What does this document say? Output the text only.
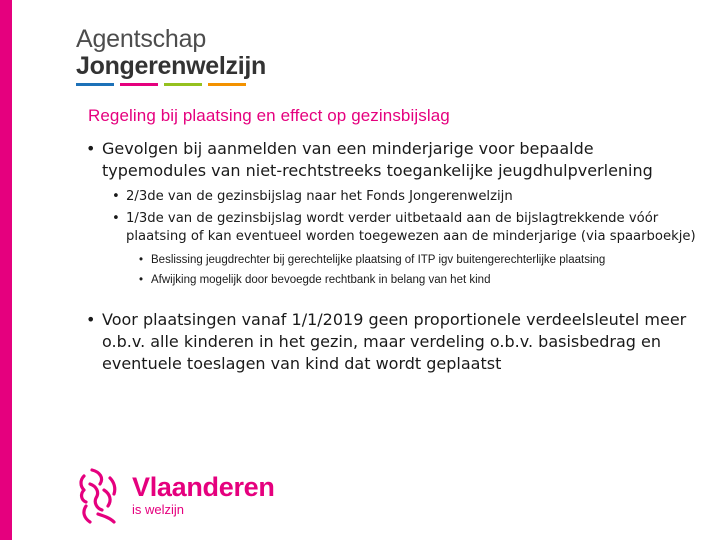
Agentschap
Jongerenwelzijn
Regeling bij plaatsing en effect op gezinsbijslag
• Gevolgen bij aanmelden van een minderjarige voor bepaalde typemodules van niet-rechtstreeks toegankelijke jeugdhulpverlening
• 2/3de van de gezinsbijslag naar het Fonds Jongerenwelzijn
• 1/3de van de gezinsbijslag wordt verder uitbetaald aan de bijslagtrekkende vóór plaatsing of kan eventueel worden toegewezen aan de minderjarige (via spaarboekje)
• Beslissing jeugdrechter bij gerechtelijke plaatsing of ITP igv buitengerechterlijke plaatsing
• Afwijking mogelijk door bevoegde rechtbank in belang van het kind
• Voor plaatsingen vanaf 1/1/2019 geen proportionele verdeelsleutel meer o.b.v. alle kinderen in het gezin, maar verdeling o.b.v. basisbedrag en eventuele toeslagen van kind dat wordt geplaatst
Vlaanderen
is welzijn
